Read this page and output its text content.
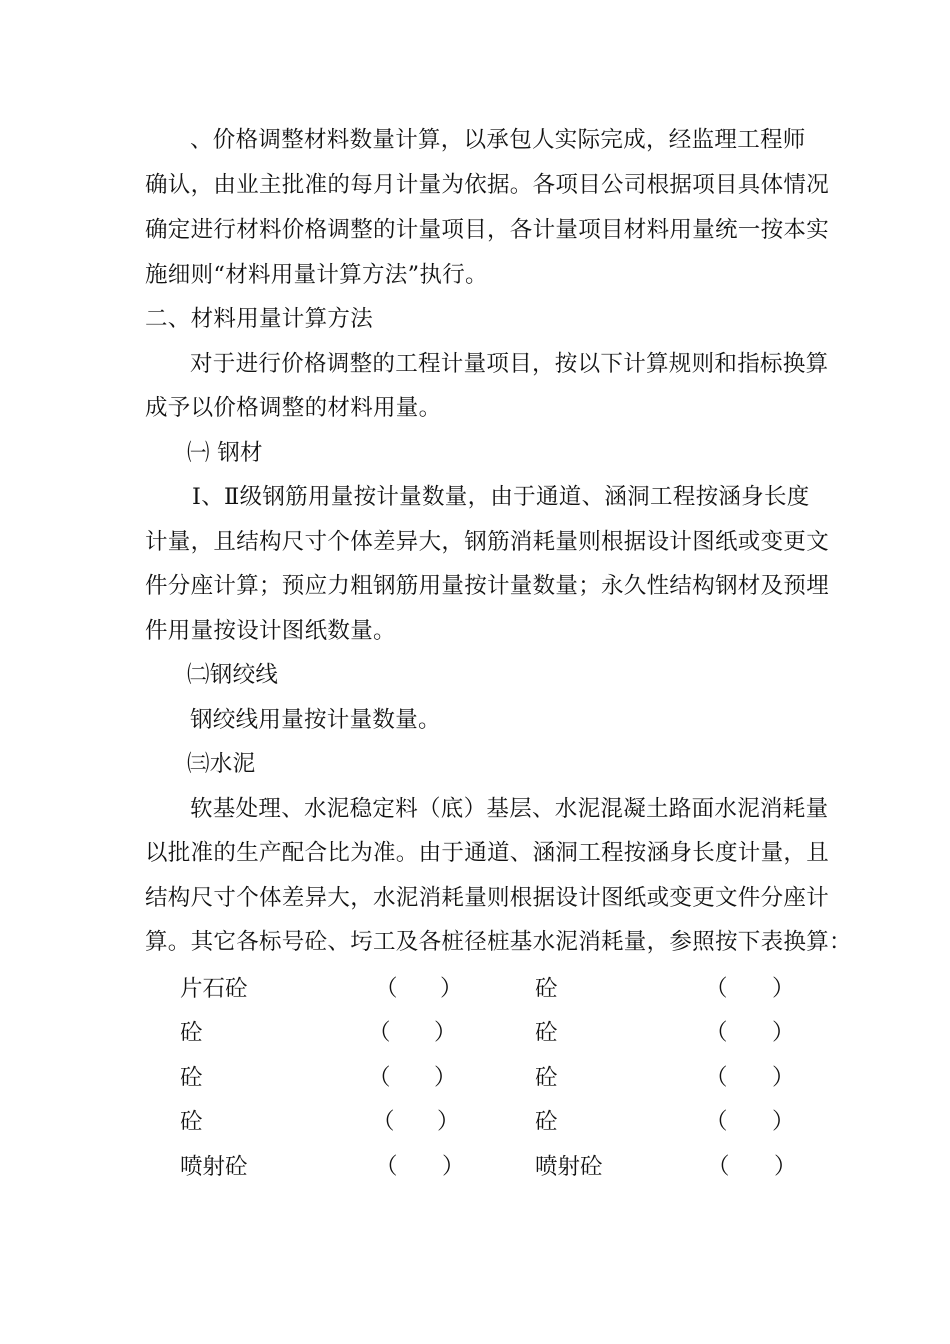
、价格调整材料数量计算，以承包人实际完成，经监理工程师
确认，由业主批准的每月计量为依据。各项目公司根据项目具体情况
确定进行材料价格调整的计量项目，各计量项目材料用量统一按本实
施细则“材料用量计算方法”执行。
二、材料用量计算方法
对于进行价格调整的工程计量项目，按以下计算规则和指标换算
成予以价格调整的材料用量。
㈠ 钢材
Ⅰ、Ⅱ级钢筋用量按计量数量，由于通道、涵洞工程按涵身长度
计量，且结构尺寸个体差异大，钢筋消耗量则根据设计图纸或变更文
件分座计算；预应力粗钢筋用量按计量数量；永久性结构钢材及预埋
件用量按设计图纸数量。
㈡钢绞线
钢绞线用量按计量数量。
㈢水泥
软基处理、水泥稳定料（底）基层、水泥混凝土路面水泥消耗量
以批准的生产配合比为准。由于通道、涵洞工程按涵身长度计量，且
结构尺寸个体差异大，水泥消耗量则根据设计图纸或变更文件分座计
算。其它各标号砼、圬工及各桩径桩基水泥消耗量，参照按下表换算：
片石砼	（ ）	砼	（ ）
砼	（ ）	砼	（ ）
砼	（ ）	砼	（ ）
砼	（ ）	砼	（ ）
喷射砼	（ ）	喷射砼	（ ）
